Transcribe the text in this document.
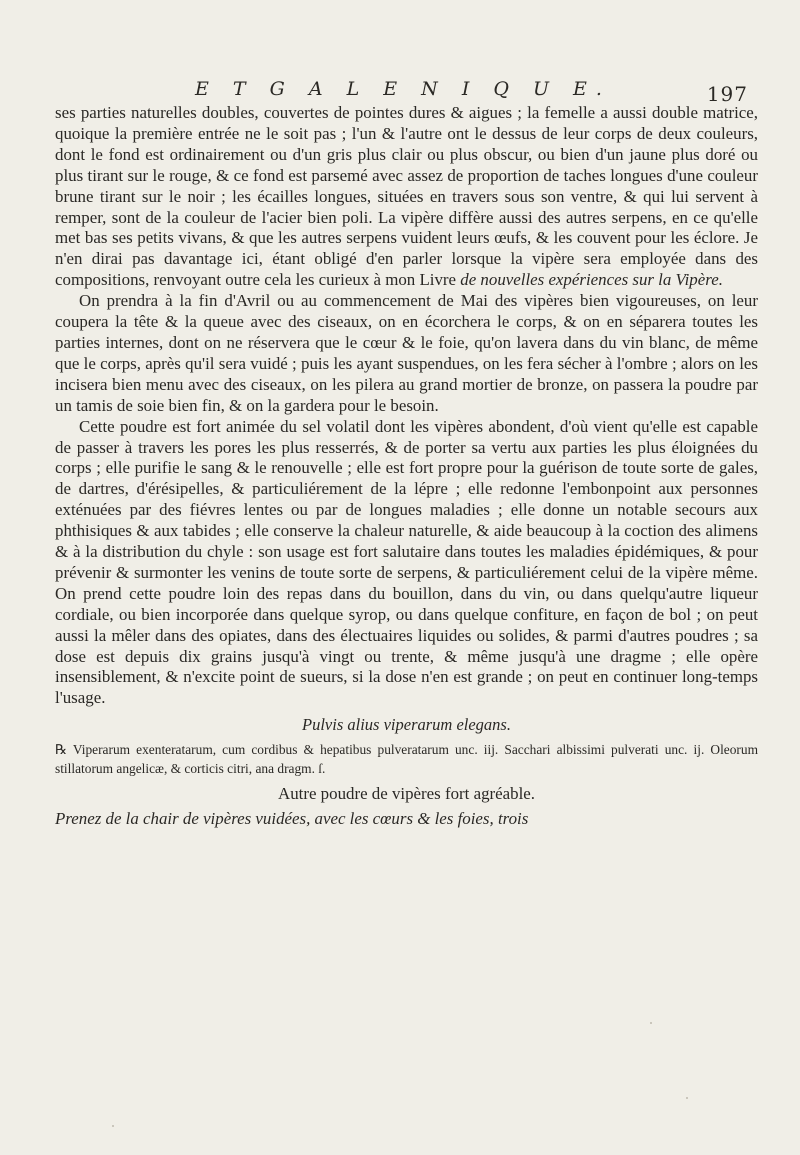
E T G A L E N I Q U E.	197

ses parties naturelles doubles, couvertes de pointes dures & aigues ; la femelle a aussi double matrice, quoique la première entrée ne le soit pas ; l'un & l'autre ont le dessus de leur corps de deux couleurs, dont le fond est ordinairement ou d'un gris plus clair ou plus obscur, ou bien d'un jaune plus doré ou plus tirant sur le rouge, & ce fond est parsemé avec assez de proportion de taches longues d'une couleur brune tirant sur le noir ; les écailles longues, situées en travers sous son ventre, & qui lui servent à remper, sont de la couleur de l'acier bien poli. La vipère diffère aussi des autres serpens, en ce qu'elle met bas ses petits vivans, & que les autres serpens vuident leurs œufs, & les couvent pour les éclore. Je n'en dirai pas davantage ici, étant obligé d'en parler lorsque la vipère sera employée dans des compositions, renvoyant outre cela les curieux à mon Livre de nouvelles expériences sur la Vipère.

On prendra à la fin d'Avril ou au commencement de Mai des vipères bien vigoureuses, on leur coupera la tête & la queue avec des ciseaux, on en écorchera le corps, & on en séparera toutes les parties internes, dont on ne réservera que le cœur & le foie, qu'on lavera dans du vin blanc, de même que le corps, après qu'il sera vuidé ; puis les ayant suspendues, on les fera sécher à l'ombre ; alors on les incisera bien menu avec des ciseaux, on les pilera au grand mortier de bronze, on passera la poudre par un tamis de soie bien fin, & on la gardera pour le besoin.

Cette poudre est fort animée du sel volatil dont les vipères abondent, d'où vient qu'elle est capable de passer à travers les pores les plus resserrés, & de porter sa vertu aux parties les plus éloignées du corps ; elle purifie le sang & le renouvelle ; elle est fort propre pour la guérison de toute sorte de gales, de dartres, d'érésipelles, & particuliérement de la lépre ; elle redonne l'embonpoint aux personnes exténuées par des fiévres lentes ou par de longues maladies ; elle donne un notable secours aux phthisiques & aux tabides ; elle conserve la chaleur naturelle, & aide beaucoup à la coction des alimens & à la distribution du chyle : son usage est fort salutaire dans toutes les maladies épidémiques, & pour prévenir & surmonter les venins de toute sorte de serpens, & particuliérement celui de la vipère même. On prend cette poudre loin des repas dans du bouillon, dans du vin, ou dans quelqu'autre liqueur cordiale, ou bien incorporée dans quelque syrop, ou dans quelque confiture, en façon de bol ; on peut aussi la mêler dans des opiates, dans des électuaires liquides ou solides, & parmi d'autres poudres ; sa dose est depuis dix grains jusqu'à vingt ou trente, & même jusqu'à une dragme ; elle opère insensiblement, & n'excite point de sueurs, si la dose n'en est grande ; on peut en continuer long-temps l'usage.

Pulvis alius viperarum elegans.

℞ Viperarum exenteratarum, cum cordibus & hepatibus pulveratarum unc. iij. Sacchari albissimi pulverati unc. ij. Oleorum stillatorum angelicæ, & corticis citri, ana dragm. ſ.

Autre poudre de vipères fort agréable.

Prenez de la chair de vipères vuidées, avec les cœurs & les foies, trois
